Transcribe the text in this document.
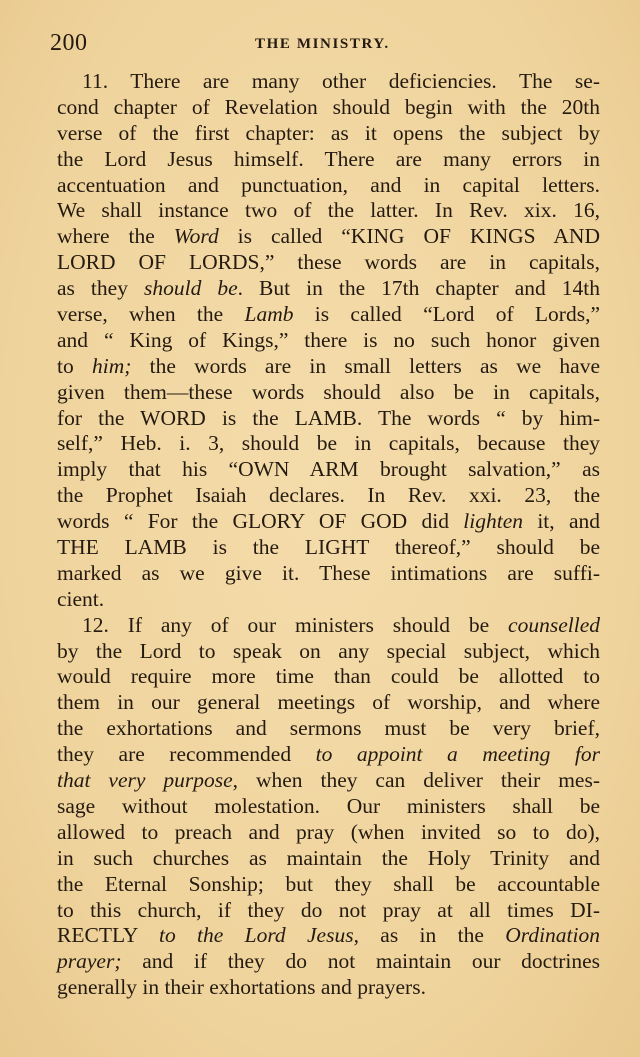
200	THE MINISTRY.
11. There are many other deficiencies. The se-
cond chapter of Revelation should begin with the 20th
verse of the first chapter: as it opens the subject by
the Lord Jesus himself. There are many errors in
accentuation and punctuation, and in capital letters.
We shall instance two of the latter. In Rev. xix. 16,
where the Word is called “KING OF KINGS AND
LORD OF LORDS,” these words are in capitals,
as they should be. But in the 17th chapter and 14th
verse, when the Lamb is called “Lord of Lords,”
and “ King of Kings,” there is no such honor given
to him; the words are in small letters as we have
given them—these words should also be in capitals,
for the WORD is the LAMB. The words “ by him-
self,” Heb. i. 3, should be in capitals, because they
imply that his “OWN ARM brought salvation,” as
the Prophet Isaiah declares. In Rev. xxi. 23, the
words “ For the GLORY OF GOD did lighten it, and
THE LAMB is the LIGHT thereof,” should be
marked as we give it. These intimations are suffi-
cient.
12. If any of our ministers should be counselled
by the Lord to speak on any special subject, which
would require more time than could be allotted to
them in our general meetings of worship, and where
the exhortations and sermons must be very brief,
they are recommended to appoint a meeting for
that very purpose, when they can deliver their mes-
sage without molestation. Our ministers shall be
allowed to preach and pray (when invited so to do),
in such churches as maintain the Holy Trinity and
the Eternal Sonship; but they shall be accountable
to this church, if they do not pray at all times DI-
RECTLY to the Lord Jesus, as in the Ordination
prayer; and if they do not maintain our doctrines
generally in their exhortations and prayers.
